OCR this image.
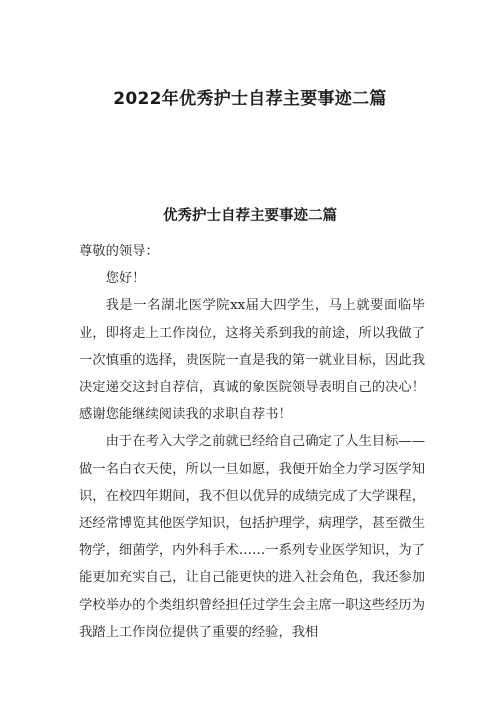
2022年优秀护士自荐主要事迹二篇
优秀护士自荐主要事迹二篇

尊敬的领导：

您好！

我是一名湖北医学院xx届大四学生，马上就要面临毕业，即将走上工作岗位，这将关系到我的前途，所以我做了一次慎重的选择，贵医院一直是我的第一就业目标，因此我决定递交这封自荐信，真诚的象医院领导表明自己的决心！感谢您能继续阅读我的求职自荐书！

由于在考入大学之前就已经给自己确定了人生目标——做一名白衣天使，所以一旦如愿，我便开始全力学习医学知识，在校四年期间，我不但以优异的成绩完成了大学课程，还经常博览其他医学知识，包括护理学，病理学，甚至微生物学，细菌学，内外科手术……一系列专业医学知识，为了能更加充实自己，让自己能更快的进入社会角色，我还参加学校举办的个类组织曾经担任过学生会主席一职这些经历为我踏上工作岗位提供了重要的经验，我相
